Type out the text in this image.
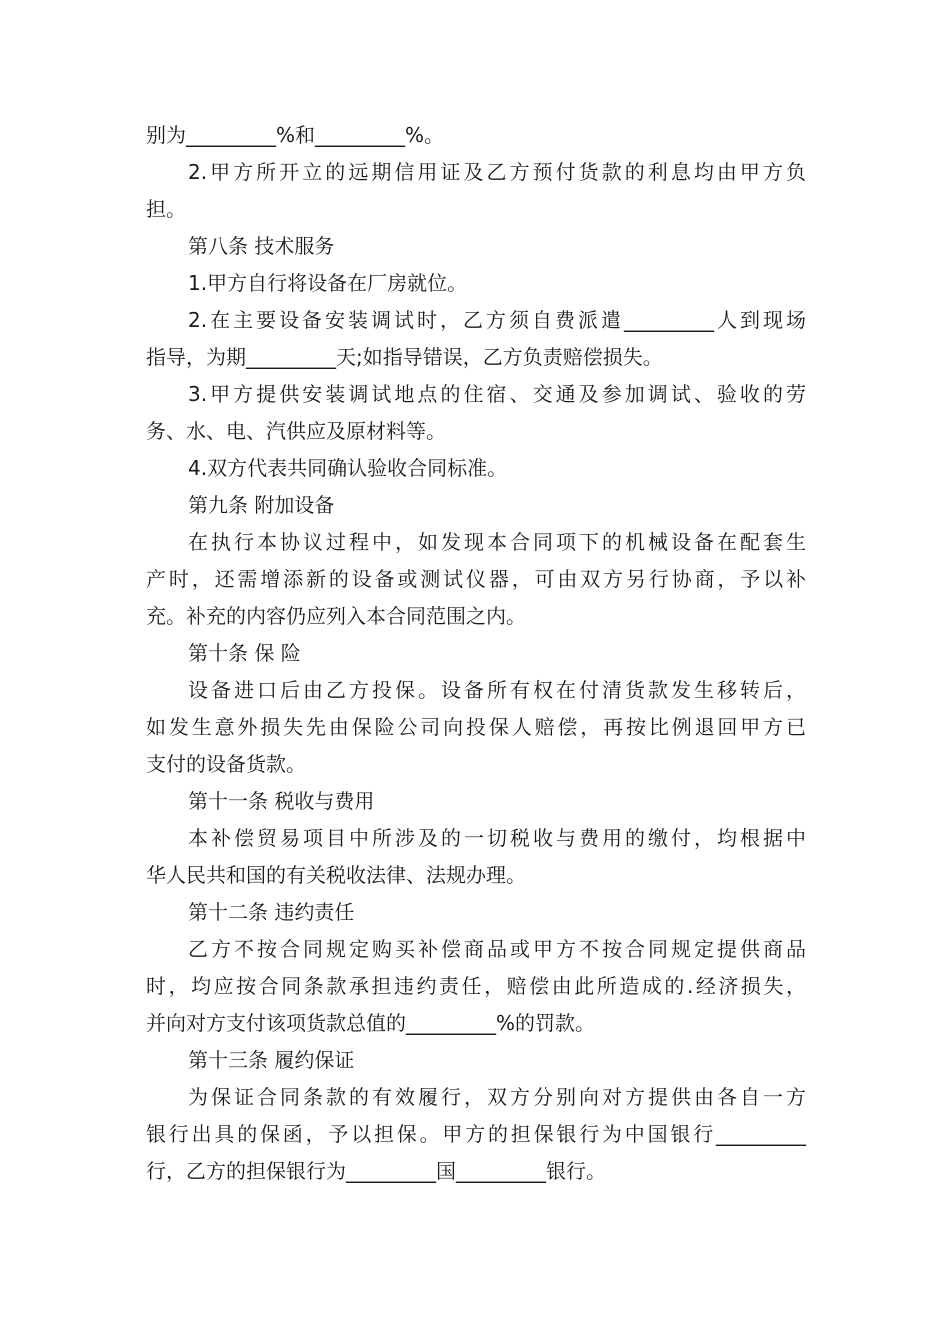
别为_________%和_________%。
2.甲方所开立的远期信用证及乙方预付货款的利息均由甲方负
担。
第八条 技术服务
1.甲方自行将设备在厂房就位。
2.在主要设备安装调试时，乙方须自费派遣_________人到现场
指导，为期_________天;如指导错误，乙方负责赔偿损失。
3.甲方提供安装调试地点的住宿、交通及参加调试、验收的劳
务、水、电、汽供应及原材料等。
4.双方代表共同确认验收合同标准。
第九条 附加设备
在执行本协议过程中，如发现本合同项下的机械设备在配套生
产时，还需增添新的设备或测试仪器，可由双方另行协商，予以补
充。补充的内容仍应列入本合同范围之内。
第十条 保 险
设备进口后由乙方投保。设备所有权在付清货款发生移转后，
如发生意外损失先由保险公司向投保人赔偿，再按比例退回甲方已
支付的设备货款。
第十一条 税收与费用
本补偿贸易项目中所涉及的一切税收与费用的缴付，均根据中
华人民共和国的有关税收法律、法规办理。
第十二条 违约责任
乙方不按合同规定购买补偿商品或甲方不按合同规定提供商品
时，均应按合同条款承担违约责任，赔偿由此所造成的.经济损失，
并向对方支付该项货款总值的_________%的罚款。
第十三条 履约保证
为保证合同条款的有效履行，双方分别向对方提供由各自一方
银行出具的保函，予以担保。甲方的担保银行为中国银行_________
行，乙方的担保银行为_________国_________银行。
